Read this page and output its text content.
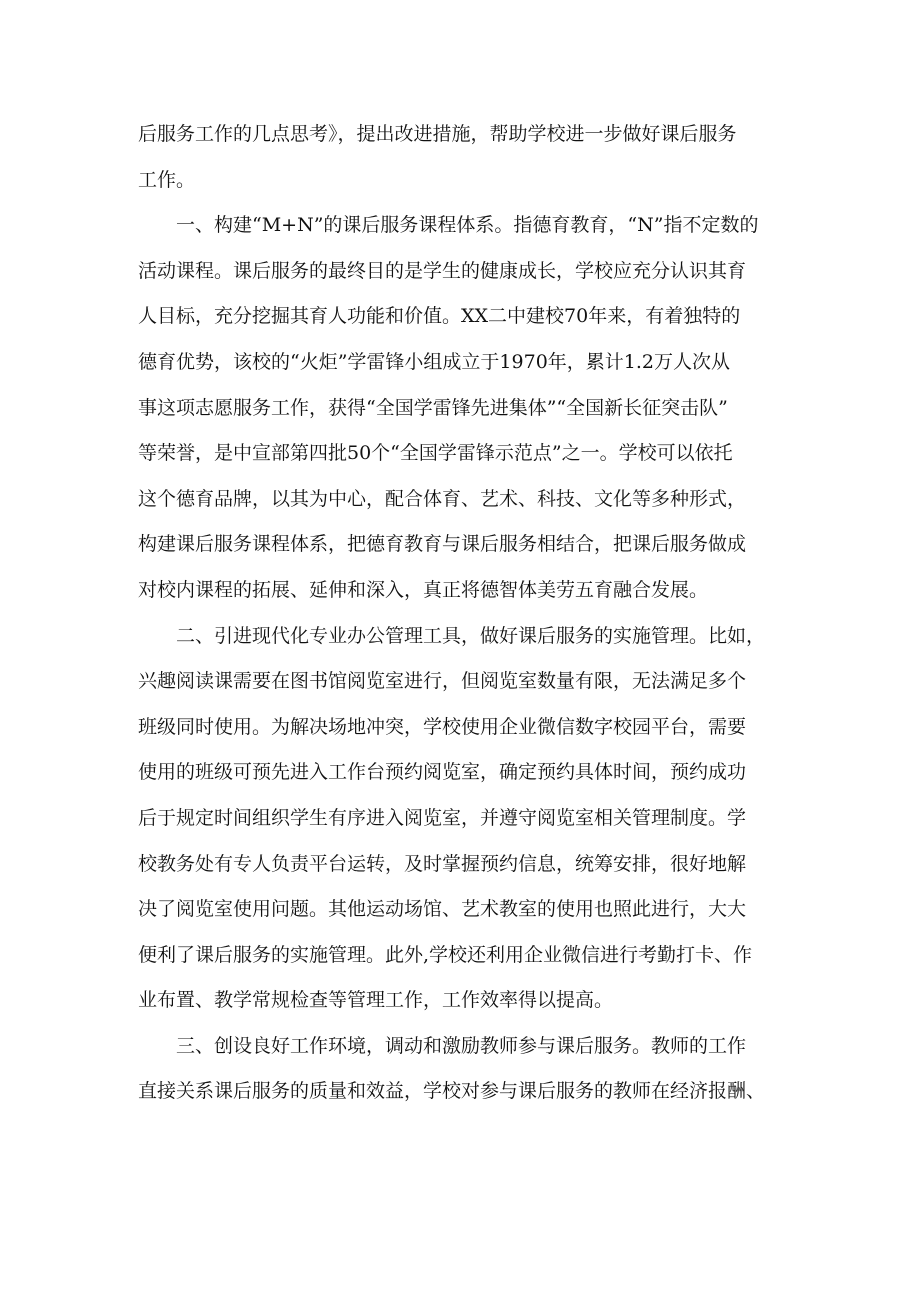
后服务工作的几点思考》，提出改进措施，帮助学校进一步做好课后服务
工作。
一、构建“M+N”的课后服务课程体系。指德育教育，“N”指不定数的
活动课程。课后服务的最终目的是学生的健康成长，学校应充分认识其育
人目标，充分挖掘其育人功能和价值。XX二中建校70年来，有着独特的
德育优势，该校的“火炬”学雷锋小组成立于1970年，累计1.2万人次从
事这项志愿服务工作，获得“全国学雷锋先进集体”“全国新长征突击队”
等荣誉，是中宣部第四批50个“全国学雷锋示范点”之一。学校可以依托
这个德育品牌，以其为中心，配合体育、艺术、科技、文化等多种形式，
构建课后服务课程体系，把德育教育与课后服务相结合，把课后服务做成
对校内课程的拓展、延伸和深入，真正将德智体美劳五育融合发展。
二、引进现代化专业办公管理工具，做好课后服务的实施管理。比如，
兴趣阅读课需要在图书馆阅览室进行，但阅览室数量有限，无法满足多个
班级同时使用。为解决场地冲突，学校使用企业微信数字校园平台，需要
使用的班级可预先进入工作台预约阅览室，确定预约具体时间，预约成功
后于规定时间组织学生有序进入阅览室，并遵守阅览室相关管理制度。学
校教务处有专人负责平台运转，及时掌握预约信息，统筹安排，很好地解
决了阅览室使用问题。其他运动场馆、艺术教室的使用也照此进行，大大
便利了课后服务的实施管理。此外,学校还利用企业微信进行考勤打卡、作
业布置、教学常规检查等管理工作，工作效率得以提高。
三、创设良好工作环境，调动和激励教师参与课后服务。教师的工作
直接关系课后服务的质量和效益，学校对参与课后服务的教师在经济报酬、
